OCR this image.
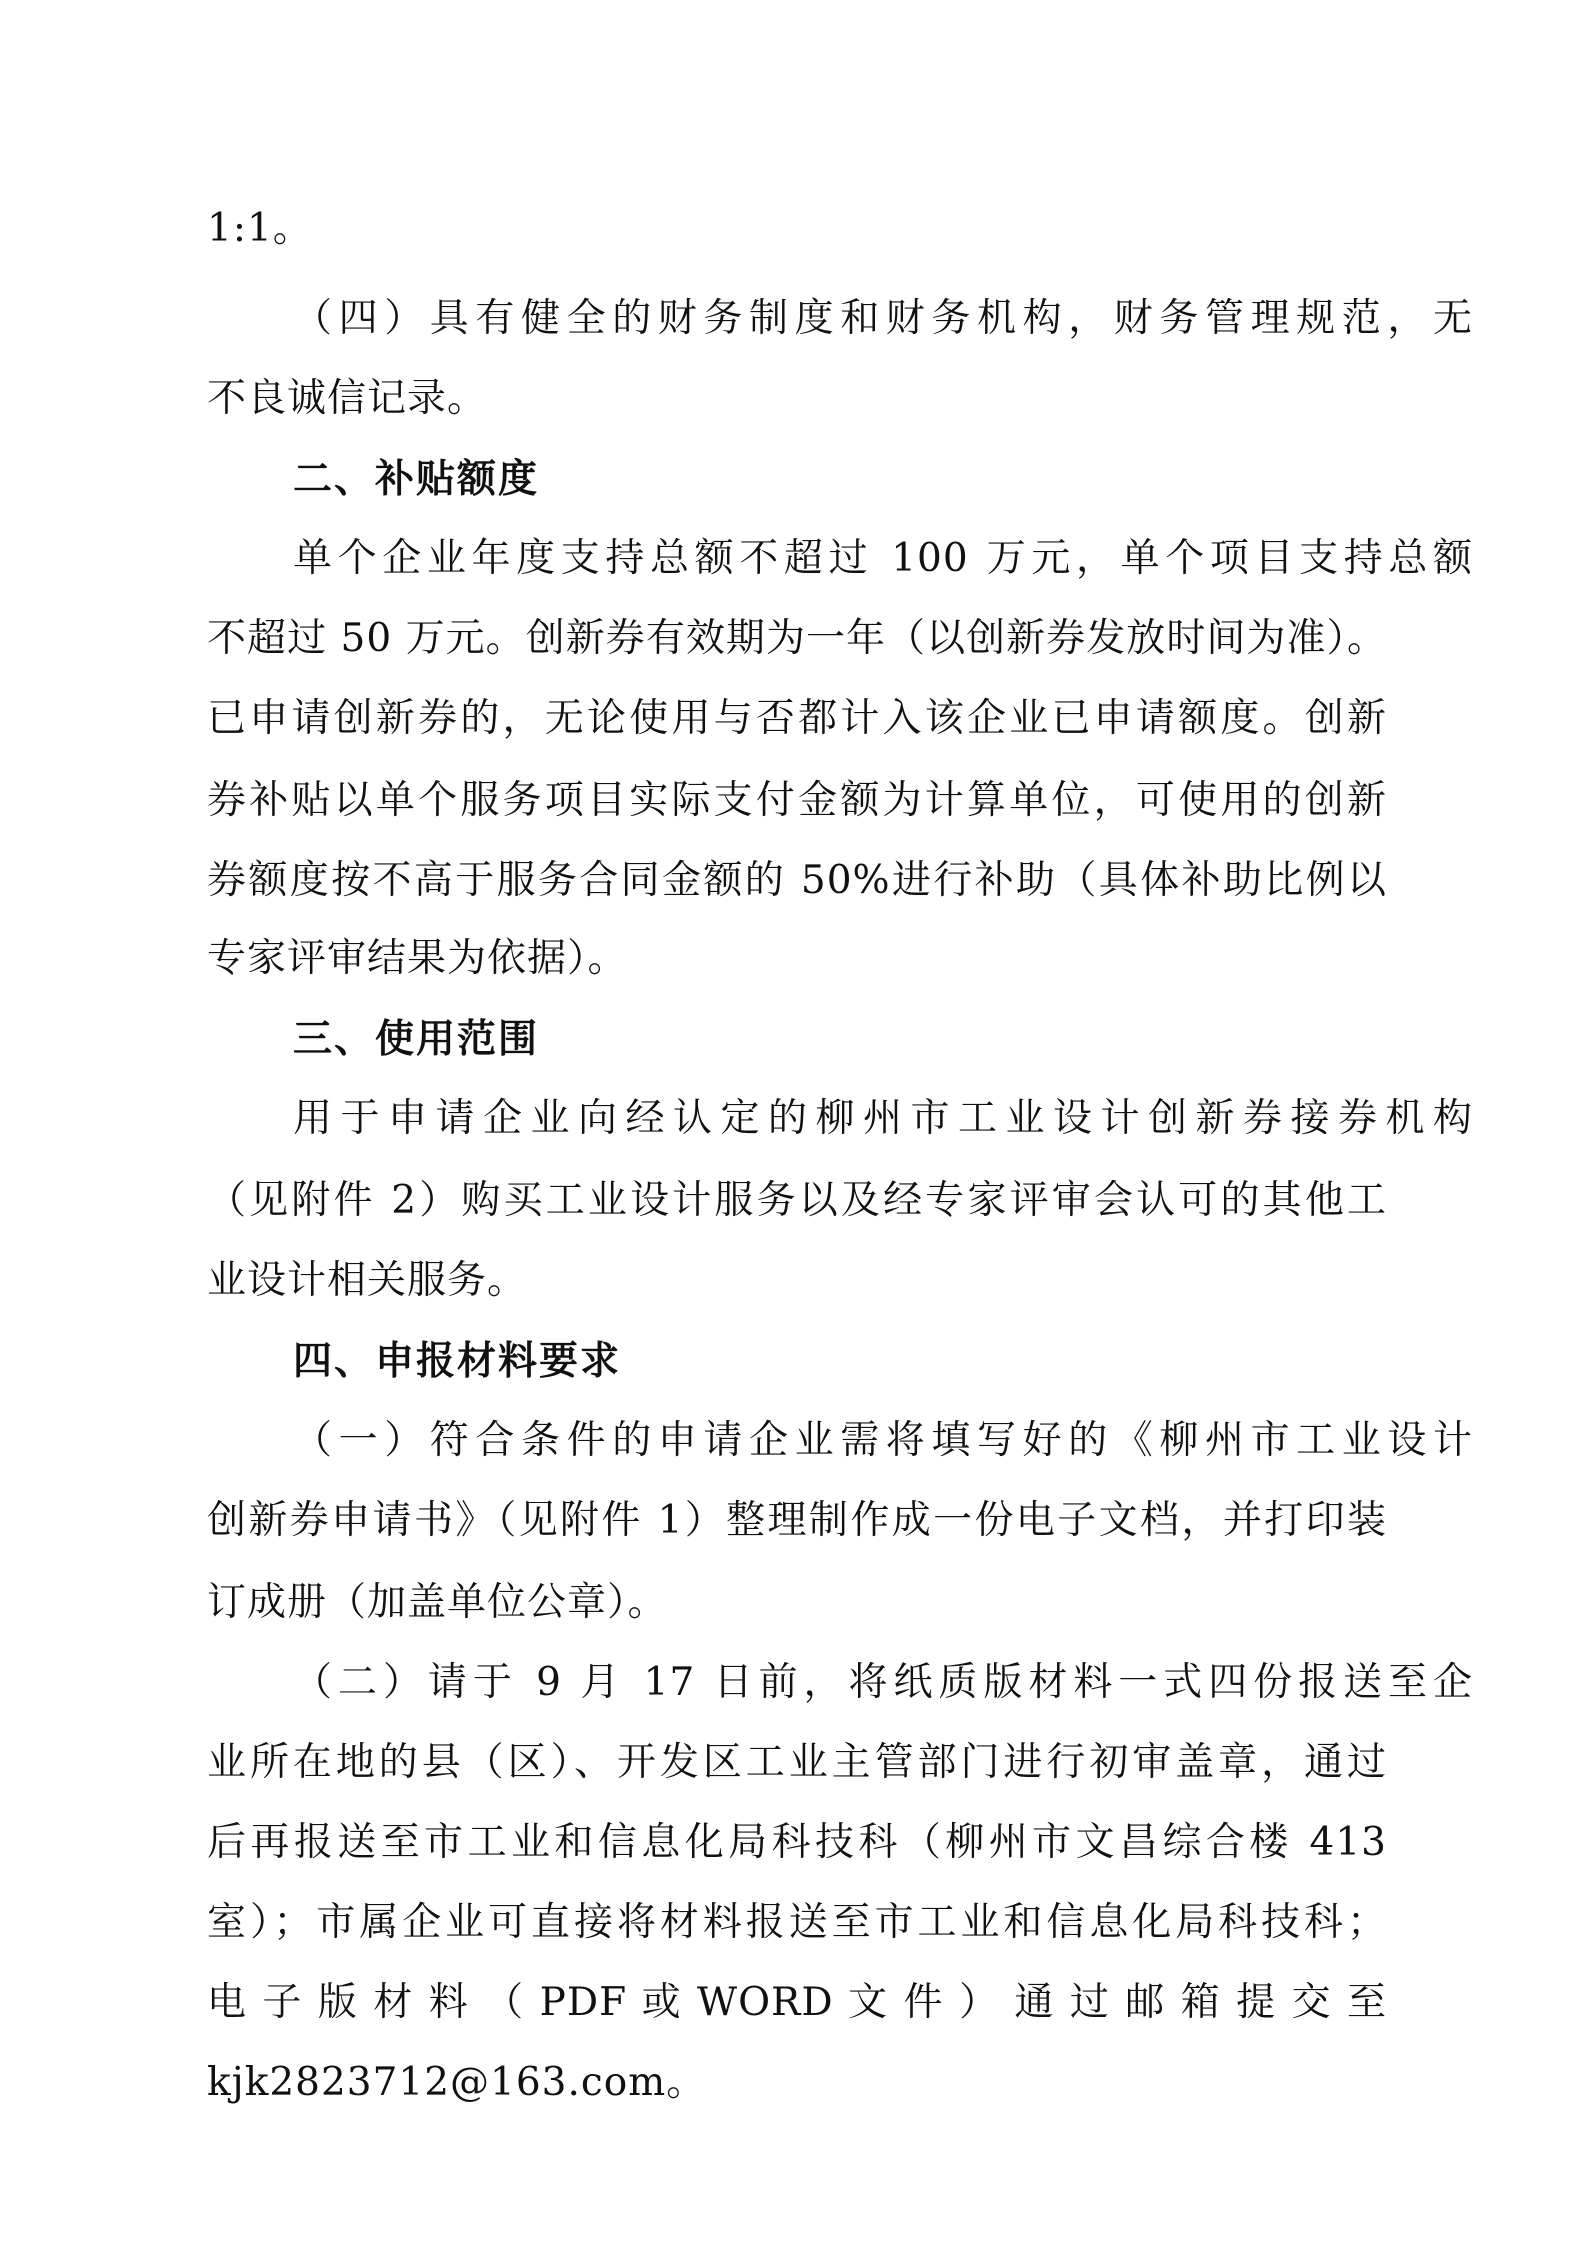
1:1。
（四）具有健全的财务制度和财务机构，财务管理规范，无
不良诚信记录。
二、补贴额度
单个企业年度支持总额不超过 100 万元，单个项目支持总额
不超过 50 万元。创新券有效期为一年（以创新券发放时间为准）。
已申请创新券的，无论使用与否都计入该企业已申请额度。创新
券补贴以单个服务项目实际支付金额为计算单位，可使用的创新
券额度按不高于服务合同金额的 50%进行补助（具体补助比例以
专家评审结果为依据）。
三、使用范围
用于申请企业向经认定的柳州市工业设计创新券接券机构
（见附件 2）购买工业设计服务以及经专家评审会认可的其他工
业设计相关服务。
四、申报材料要求
（一）符合条件的申请企业需将填写好的《柳州市工业设计
创新券申请书》（见附件 1）整理制作成一份电子文档，并打印装
订成册（加盖单位公章）。
（二）请于 9 月 17 日前，将纸质版材料一式四份报送至企
业所在地的县（区）、开发区工业主管部门进行初审盖章，通过
后再报送至市工业和信息化局科技科（柳州市文昌综合楼 413
室）；市属企业可直接将材料报送至市工业和信息化局科技科；
电 子 版 材 料 （ PDF 或 WORD 文 件 ） 通 过 邮 箱 提 交 至
kjk2823712@163.com。
